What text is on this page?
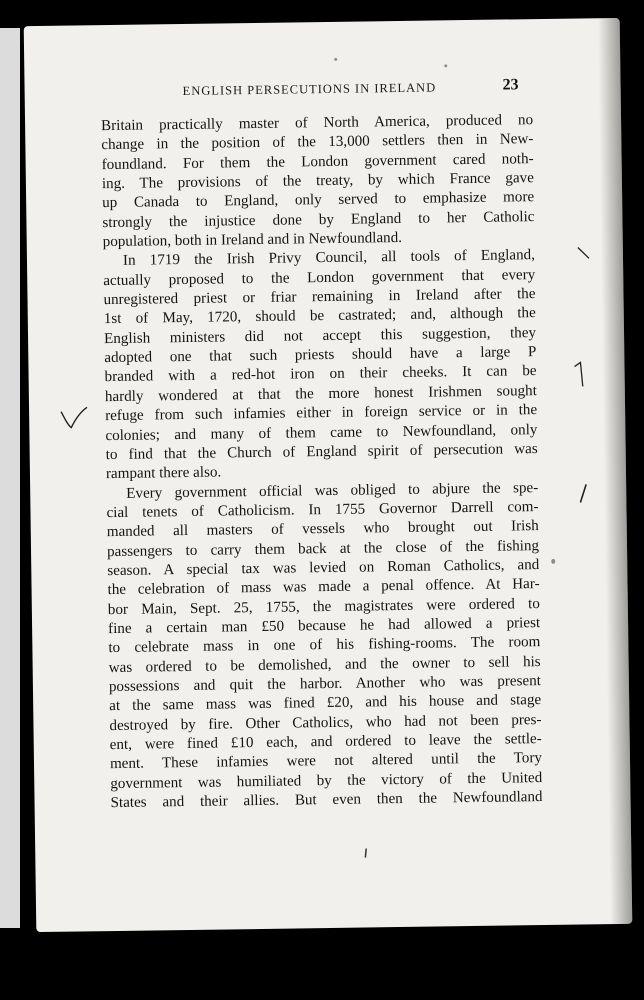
ENGLISH PERSECUTIONS IN IRELAND	23

Britain practically master of North America, produced no
change in the position of the 13,000 settlers then in New-
foundland. For them the London government cared noth-
ing. The provisions of the treaty, by which France gave
up Canada to England, only served to emphasize more
strongly the injustice done by England to her Catholic
population, both in Ireland and in Newfoundland.

In 1719 the Irish Privy Council, all tools of England,
actually proposed to the London government that every
unregistered priest or friar remaining in Ireland after the
1st of May, 1720, should be castrated; and, although the
English ministers did not accept this suggestion, they
adopted one that such priests should have a large P
branded with a red-hot iron on their cheeks. It can be
hardly wondered at that the more honest Irishmen sought
refuge from such infamies either in foreign service or in the
colonies; and many of them came to Newfoundland, only
to find that the Church of England spirit of persecution was
rampant there also.

Every government official was obliged to abjure the spe-
cial tenets of Catholicism. In 1755 Governor Darrell com-
manded all masters of vessels who brought out Irish
passengers to carry them back at the close of the fishing
season. A special tax was levied on Roman Catholics, and
the celebration of mass was made a penal offence. At Har-
bor Main, Sept. 25, 1755, the magistrates were ordered to
fine a certain man £50 because he had allowed a priest
to celebrate mass in one of his fishing-rooms. The room
was ordered to be demolished, and the owner to sell his
possessions and quit the harbor. Another who was present
at the same mass was fined £20, and his house and stage
destroyed by fire. Other Catholics, who had not been pres-
ent, were fined £10 each, and ordered to leave the settle-
ment. These infamies were not altered until the Tory
government was humiliated by the victory of the United
States and their allies. But even then the Newfoundland
